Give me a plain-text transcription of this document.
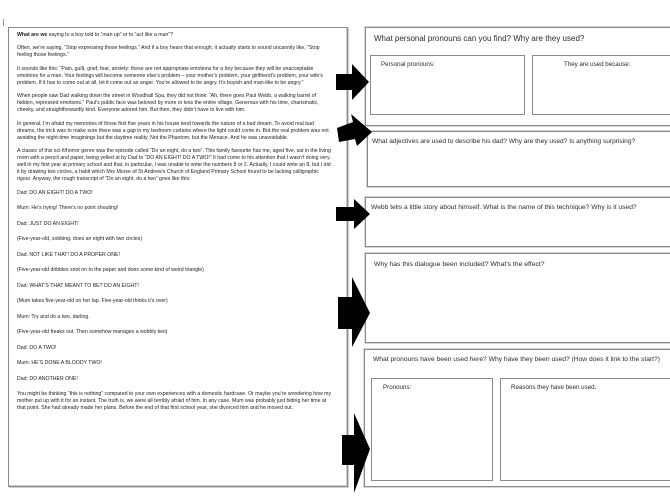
What are we saying to a boy told to “man up” or to “act like a man”?

Often, we’re saying, “Stop expressing those feelings.” And if a boy hears that enough, it actually starts to sound uncannily like, “Stop feeling those feelings.”

It sounds like this: “Pain, guilt, grief, fear, anxiety: these are not appropriate emotions for a boy because they will be unacceptable emotions for a man. Your feelings will become someone else’s problem – your mother’s problem, your girlfriend’s problem, your wife’s problem. If it has to come out at all, let it come out as anger. You’re allowed to be angry. It’s boyish and man-like to be angry.”

When people saw Dad walking down the street in Woodhall Spa, they did not think: “Ah, there goes Paul Webb, a walking barrel of hidden, repressed emotions.” Paul’s public face was beloved by more or less the entire village. Generous with his time, charismatic, cheeky, and straightforwardly kind. Everyone adored him. But then, they didn’t have to live with him.

In general, I’m afraid my memories of those first five years in his house tend towards the nature of a bad dream. To avoid real bad dreams, the trick was to make sure there was a gap in my bedroom curtains where the light could come in. But the real problem was not avoiding the night-time imaginings but the daytime reality. Not the Phantom, but the Menace. And he was unavoidable.

A classic of this sci-fi/horror genre was the episode called “Do an eight, do a two”. This family favourite has me, aged five, sat in the living room with a pencil and paper, being yelled at by Dad to “DO AN EIGHT! DO A TWO!” It had come to his attention that I wasn’t doing very well in my first year at primary school and that, in particular, I was unable to write the numbers 8 or 2. Actually, I could write an 8, but I did it by drawing two circles, a habit which Mrs Morse of St Andrew’s Church of England Primary School found to be lacking calligraphic rigour. Anyway, the rough transcript of “Do an eight, do a two” goes like this:

Dad: DO AN EIGHT! DO A TWO!

Mum: He’s trying! There’s no point shouting!

Dad: JUST DO AN EIGHT!

(Five-year-old, sobbing, does an eight with two circles)

Dad: NOT LIKE THAT! DO A PROPER ONE!

(Five-year-old dribbles snot on to the paper and does some kind of weird triangle)

Dad: WHAT’S THAT MEANT TO BE? DO AN EIGHT!

(Mum takes five-year-old on her lap. Five-year-old thinks it’s over)

Mum: Try and do a two, darling.

(Five-year-old freaks out. Then somehow manages a wobbly two)

Dad: DO A TWO!

Mum: HE’S DONE A BLOODY TWO!

Dad: DO ANOTHER ONE!

You might be thinking “this is nothing” compared to your own experiences with a domestic hardcase. Or maybe you’re wondering how my mother put up with it for an instant. The truth is, we were all terribly afraid of him. In any case, Mum was probably just biding her time at that point. She had already made her plans. Before the end of that first school year, she divorced him and he moved out.

What personal pronouns can you find? Why are they used?
Personal pronouns:	They are used because:
What adjectives are used to describe his dad? Why are they used? Is anything surprising?
Webb tells a little story about himself. What is the name of this technique? Why is it used?
Why has this dialogue been included? What’s the effect?
What pronouns have been used here? Why have they been used? (How does it link to the start?)
Pronouns:	Reasons they have been used.
